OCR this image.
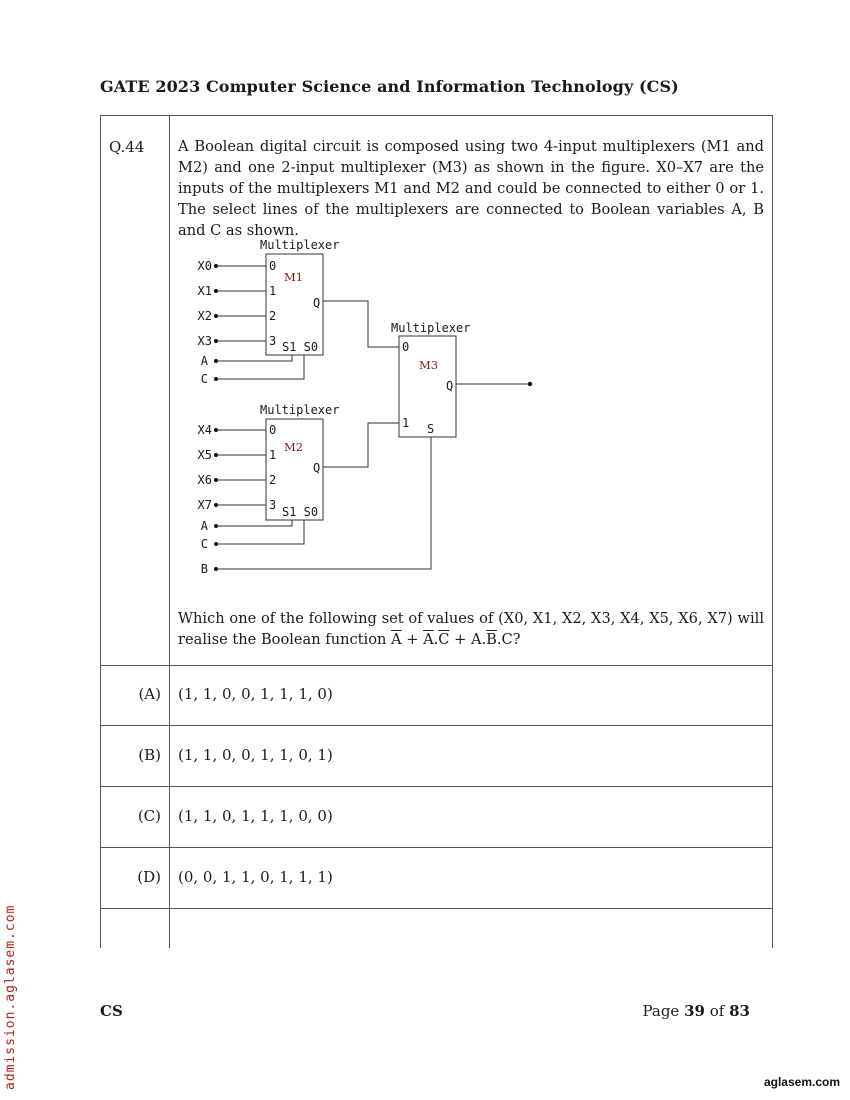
GATE 2023 Computer Science and Information Technology (CS)
Q.44 A Boolean digital circuit is composed using two 4-input multiplexers (M1 and M2) and one 2-input multiplexer (M3) as shown in the figure. X0–X7 are the inputs of the multiplexers M1 and M2 and could be connected to either 0 or 1. The select lines of the multiplexers are connected to Boolean variables A, B and C as shown.
Which one of the following set of values of (X0, X1, X2, X3, X4, X5, X6, X7) will realise the Boolean function $\overline{A} + \overline{A}.\overline{C} + A.\overline{B}.C$?
(A) (1, 1, 0, 0, 1, 1, 1, 0)
(B) (1, 1, 0, 0, 1, 1, 0, 1)
(C) (1, 1, 0, 1, 1, 1, 0, 0)
(D) (0, 0, 1, 1, 0, 1, 1, 1)
Multiplexer
Multiplexer
Multiplexer
X0
X1
X2
X3
A
C
0
1
2
3 S1 S0
Q
X4
X5
X6
X7
A
C
0
1
2
3 S1 S0
Q
B
0
1 S
Q
M1
M2
M3
CS	Page 39 of 83
admission.aglasem.com	aglasem.com
